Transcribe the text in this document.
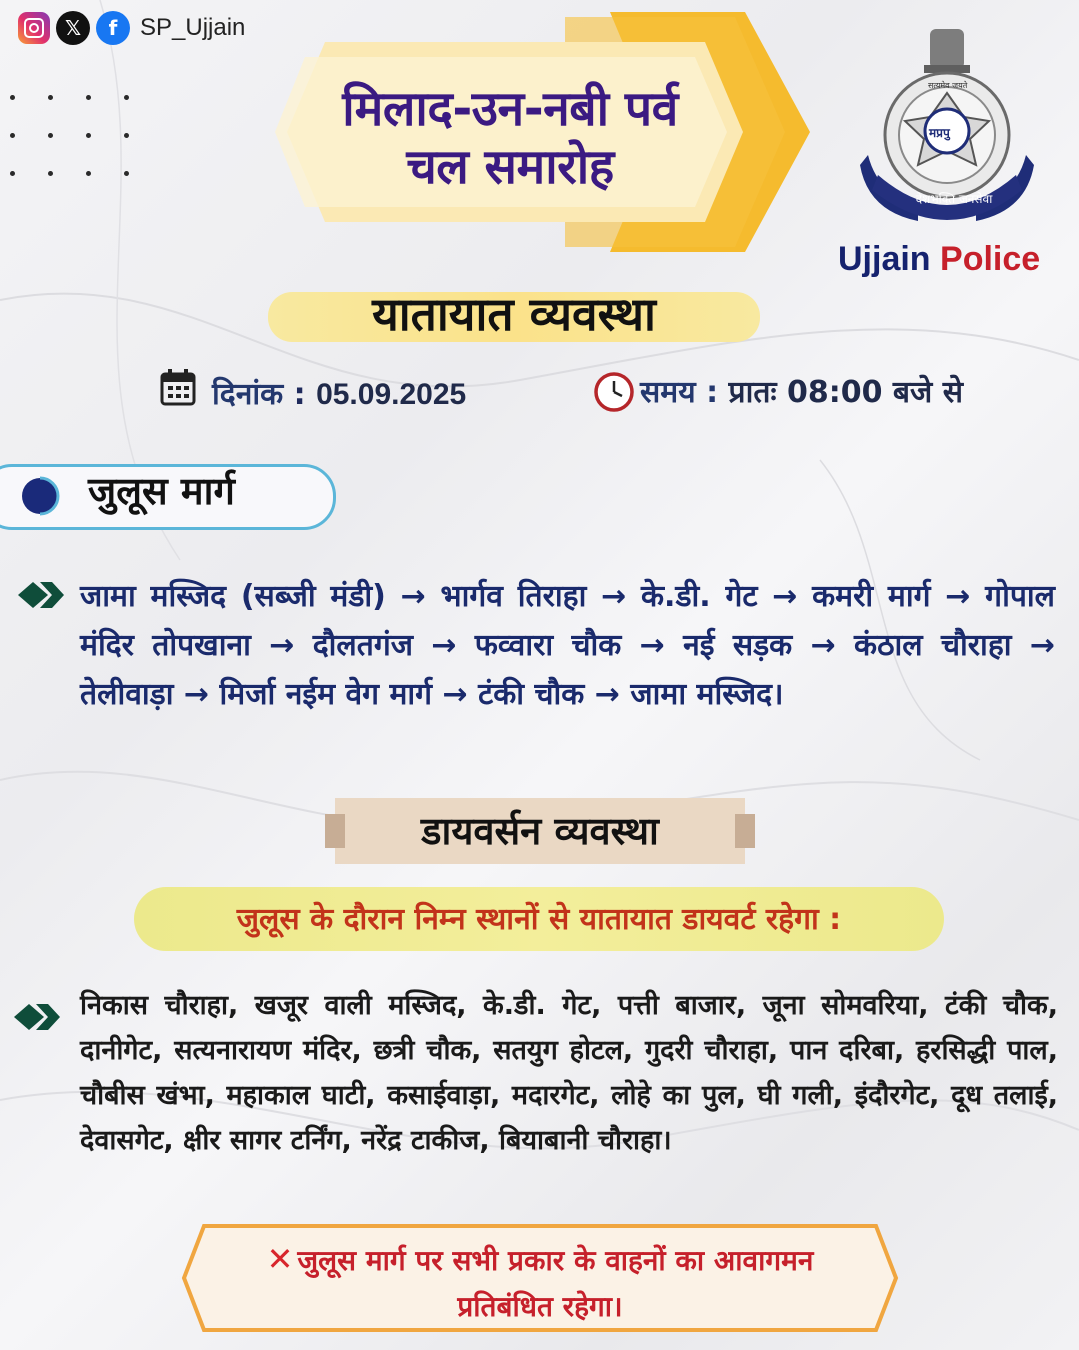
𝕏	f SP_Ujjain
मिलाद-उन-नबी पर्व
चल समारोह
सत्यमेव जयते
मप्रपु
देशभक्ति जनसेवा
Ujjain Police
यातायात व्यवस्था
दिनांक : 05.09.2025	समय : प्रातः 08:00 बजे से
जुलूस मार्ग
जामा मस्जिद (सब्जी मंडी) → भार्गव तिराहा → के.डी. गेट → कमरी मार्ग → गोपाल मंदिर तोपखाना → दौलतगंज → फव्वारा चौक → नई सड़क → कंठाल चौराहा → तेलीवाड़ा → मिर्जा नईम वेग मार्ग → टंकी चौक → जामा मस्जिद।
डायवर्सन व्यवस्था
जुलूस के दौरान निम्न स्थानों से यातायात डायवर्ट रहेगा :
निकास चौराहा, खजूर वाली मस्जिद, के.डी. गेट, पत्ती बाजार, जूना सोमवरिया, टंकी चौक, दानीगेट, सत्यनारायण मंदिर, छत्री चौक, सतयुग होटल, गुदरी चौराहा, पान दरिबा, हरसिद्धी पाल, चौबीस खंभा, महाकाल घाटी, कसाईवाड़ा, मदारगेट, लोहे का पुल, घी गली, इंदौरगेट, दूध तलाई, देवासगेट, क्षीर सागर टर्निंग, नरेंद्र टाकीज, बियाबानी चौराहा।
✕ जुलूस मार्ग पर सभी प्रकार के वाहनों का आवागमन
प्रतिबंधित रहेगा।
